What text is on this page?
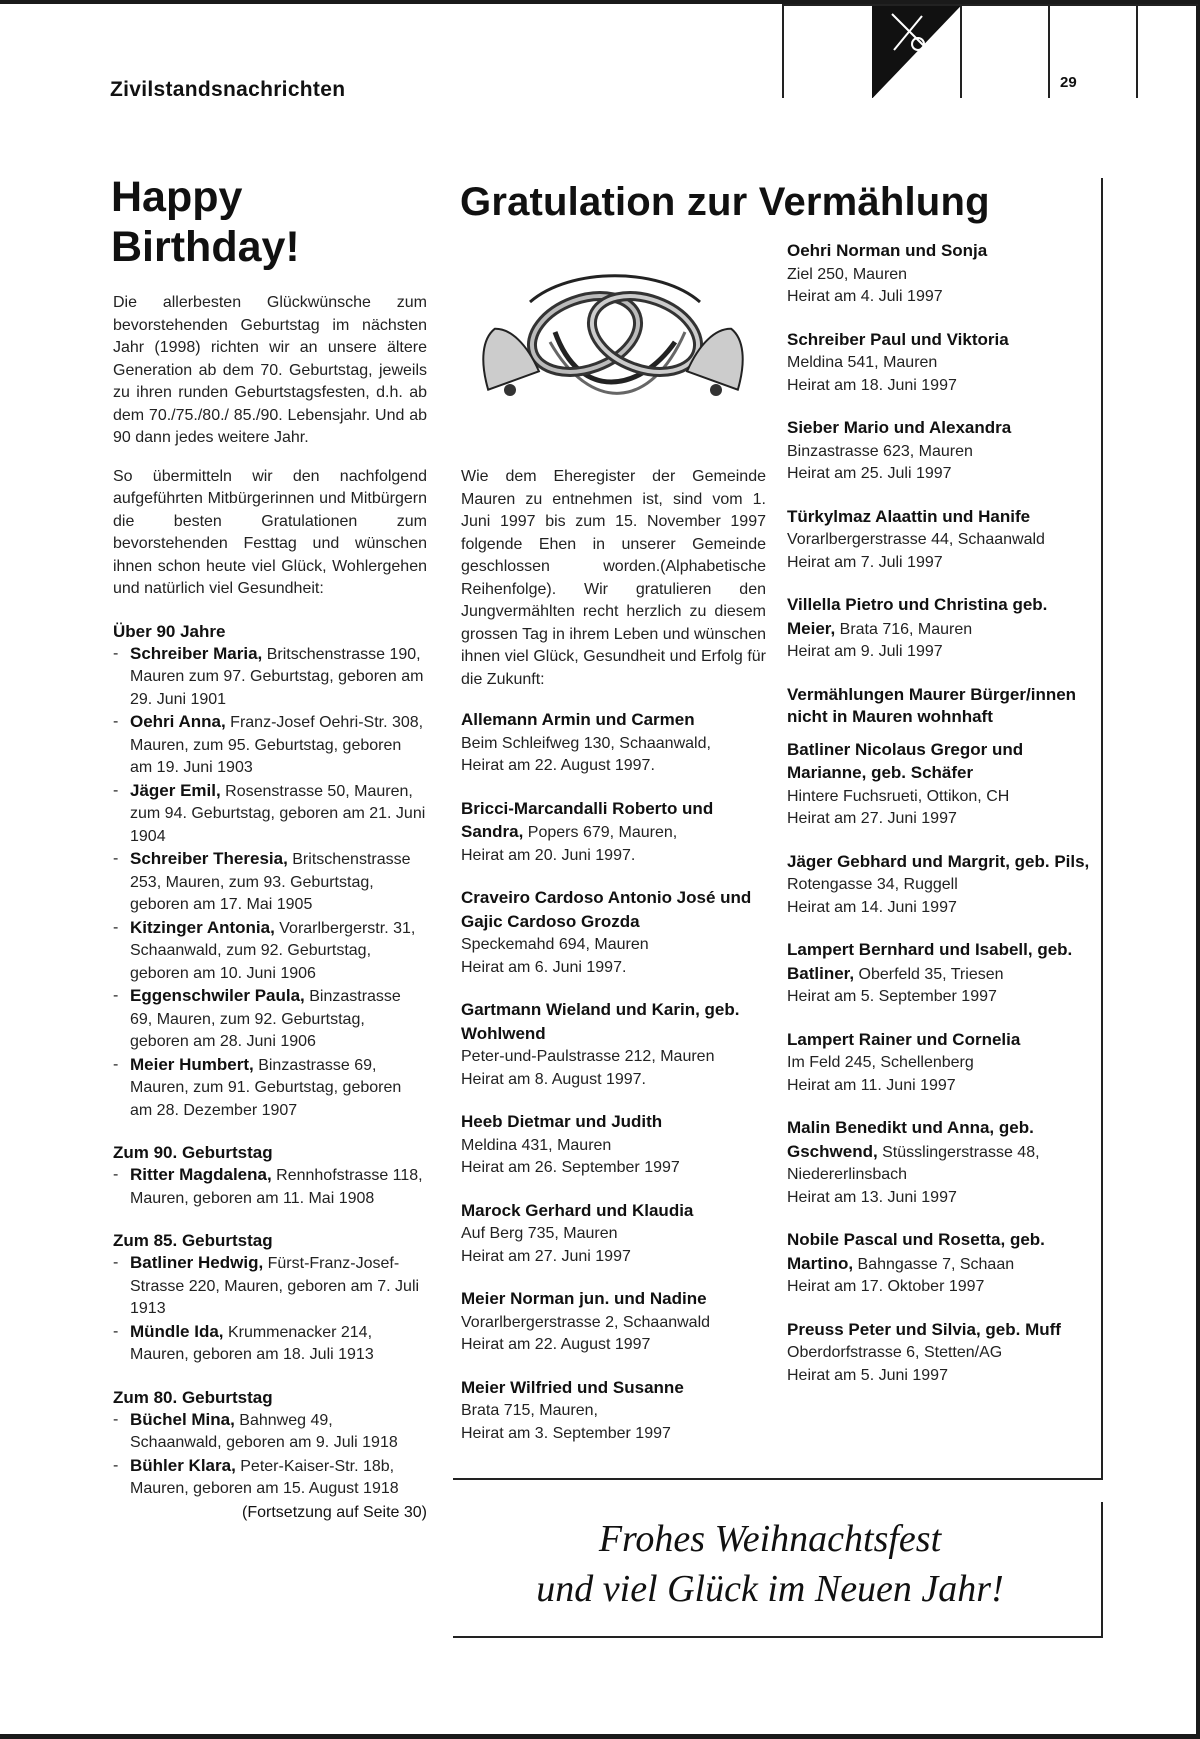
Zivilstandsnachrichten	29
Happy
Birthday!

Die allerbesten Glückwünsche zum bevorstehenden Geburtstag im nächsten Jahr (1998) richten wir an unsere ältere Generation ab dem 70. Geburtstag, jeweils zu ihren runden Geburtstagsfesten, d.h. ab dem 70./75./80./ 85./90. Lebensjahr. Und ab 90 dann jedes weitere Jahr.

So übermitteln wir den nachfolgend aufgeführten Mitbürgerinnen und Mitbürgern die besten Gratulationen zum bevorstehenden Festtag und wünschen ihnen schon heute viel Glück, Wohlergehen und natürlich viel Gesundheit:

Über 90 Jahre
- Schreiber Maria, Britschenstrasse 190, Mauren zum 97. Geburtstag, geboren am 29. Juni 1901
- Oehri Anna, Franz-Josef Oehri-Str. 308, Mauren, zum 95. Geburtstag, geboren am 19. Juni 1903
- Jäger Emil, Rosenstrasse 50, Mauren, zum 94. Geburtstag, geboren am 21. Juni 1904
- Schreiber Theresia, Britschenstrasse 253, Mauren, zum 93. Geburtstag, geboren am 17. Mai 1905
- Kitzinger Antonia, Vorarlbergerstr. 31, Schaanwald, zum 92. Geburtstag, geboren am 10. Juni 1906
- Eggenschwiler Paula, Binzastrasse 69, Mauren, zum 92. Geburtstag, geboren am 28. Juni 1906
- Meier Humbert, Binzastrasse 69, Mauren, zum 91. Geburtstag, geboren am 28. Dezember 1907
Zum 90. Geburtstag
- Ritter Magdalena, Rennhofstrasse 118, Mauren, geboren am 11. Mai 1908
Zum 85. Geburtstag
- Batliner Hedwig, Fürst-Franz-Josef-Strasse 220, Mauren, geboren am 7. Juli 1913
- Mündle Ida, Krummenacker 214, Mauren, geboren am 18. Juli 1913
Zum 80. Geburtstag
- Büchel Mina, Bahnweg 49, Schaanwald, geboren am 9. Juli 1918
- Bühler Klara, Peter-Kaiser-Str. 18b, Mauren, geboren am 15. August 1918
(Fortsetzung auf Seite 30)
Gratulation zur Vermählung

Wie dem Eheregister der Gemeinde Mauren zu entnehmen ist, sind vom 1. Juni 1997 bis zum 15. November 1997 folgende Ehen in unserer Gemeinde geschlossen worden.(Alphabetische Reihenfolge). Wir gratulieren den Jungvermählten recht herzlich zu diesem grossen Tag in ihrem Leben und wünschen ihnen viel Glück, Gesundheit und Erfolg für die Zukunft:

Allemann Armin und Carmen
Beim Schleifweg 130, Schaanwald,
Heirat am 22. August 1997.
Bricci-Marcandalli Roberto und Sandra, Popers 679, Mauren,
Heirat am 20. Juni 1997.
Craveiro Cardoso Antonio José und Gajic Cardoso Grozda
Speckemahd 694, Mauren
Heirat am 6. Juni 1997.
Gartmann Wieland und Karin, geb. Wohlwend
Peter-und-Paulstrasse 212, Mauren
Heirat am 8. August 1997.
Heeb Dietmar und Judith
Meldina 431, Mauren
Heirat am 26. September 1997
Marock Gerhard und Klaudia
Auf Berg 735, Mauren
Heirat am 27. Juni 1997
Meier Norman jun. und Nadine
Vorarlbergerstrasse 2, Schaanwald
Heirat am 22. August 1997
Meier Wilfried und Susanne
Brata 715, Mauren,
Heirat am 3. September 1997
Oehri Norman und Sonja
Ziel 250, Mauren
Heirat am 4. Juli 1997
Schreiber Paul und Viktoria
Meldina 541, Mauren
Heirat am 18. Juni 1997
Sieber Mario und Alexandra
Binzastrasse 623, Mauren
Heirat am 25. Juli 1997
Türkylmaz Alaattin und Hanife
Vorarlbergerstrasse 44, Schaanwald
Heirat am 7. Juli 1997
Villella Pietro und Christina geb. Meier, Brata 716, Mauren
Heirat am 9. Juli 1997
Vermählungen Maurer Bürger/innen nicht in Mauren wohnhaft
Batliner Nicolaus Gregor und Marianne, geb. Schäfer
Hintere Fuchsrueti, Ottikon, CH
Heirat am 27. Juni 1997
Jäger Gebhard und Margrit, geb. Pils, Rotengasse 34, Ruggell
Heirat am 14. Juni 1997
Lampert Bernhard und Isabell, geb. Batliner, Oberfeld 35, Triesen
Heirat am 5. September 1997
Lampert Rainer und Cornelia
Im Feld 245, Schellenberg
Heirat am 11. Juni 1997
Malin Benedikt und Anna, geb. Gschwend, Stüsslingerstrasse 48, Niedererlinsbach
Heirat am 13. Juni 1997
Nobile Pascal und Rosetta, geb. Martino, Bahngasse 7, Schaan
Heirat am 17. Oktober 1997
Preuss Peter und Silvia, geb. Muff
Oberdorfstrasse 6, Stetten/AG
Heirat am 5. Juni 1997
Frohes Weihnachtsfest
und viel Glück im Neuen Jahr!
